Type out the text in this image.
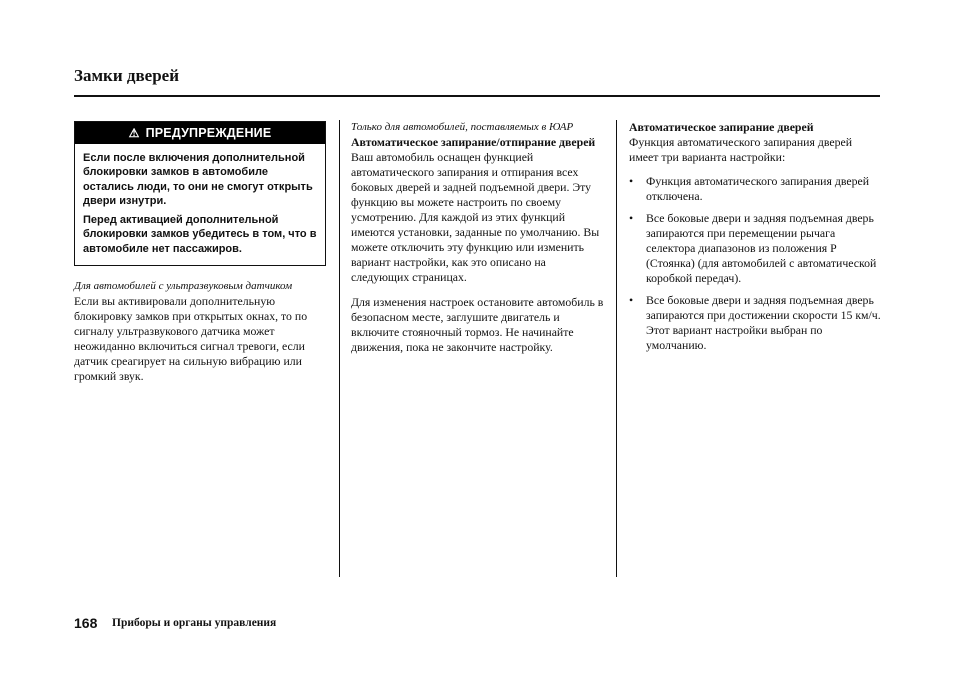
Замки дверей
⚠ ПРЕДУПРЕЖДЕНИЕ

Если после включения дополнительной блокировки замков в автомобиле остались люди, то они не смогут открыть двери изнутри.

Перед активацией дополнительной блокировки замков убедитесь в том, что в автомобиле нет пассажиров.

Для автомобилей с ультразвуковым датчиком

Если вы активировали дополнительную блокировку замков при открытых окнах, то по сигналу ультразвукового датчика может неожиданно включиться сигнал тревоги, если датчик среагирует на сильную вибрацию или громкий звук.

Только для автомобилей, поставляемых в ЮАР

Автоматическое запирание/отпирание дверей

Ваш автомобиль оснащен функцией автоматического запирания и отпирания всех боковых дверей и задней подъемной двери. Эту функцию вы можете настроить по своему усмотрению. Для каждой из этих функций имеются установки, заданные по умолчанию. Вы можете отключить эту функцию или изменить вариант настройки, как это описано на следующих страницах.

Для изменения настроек остановите автомобиль в безопасном месте, заглушите двигатель и включите стояночный тормоз. Не начинайте движения, пока не закончите настройку.

Автоматическое запирание дверей

Функция автоматического запирания дверей имеет три варианта настройки:

• Функция автоматического запирания дверей отключена.
• Все боковые двери и задняя подъемная дверь запираются при перемещении рычага селектора диапазонов из положения P (Стоянка) (для автомобилей с автоматической коробкой передач).
• Все боковые двери и задняя подъемная дверь запираются при достижении скорости 15 км/ч.
Этот вариант настройки выбран по умолчанию.
168 Приборы и органы управления
